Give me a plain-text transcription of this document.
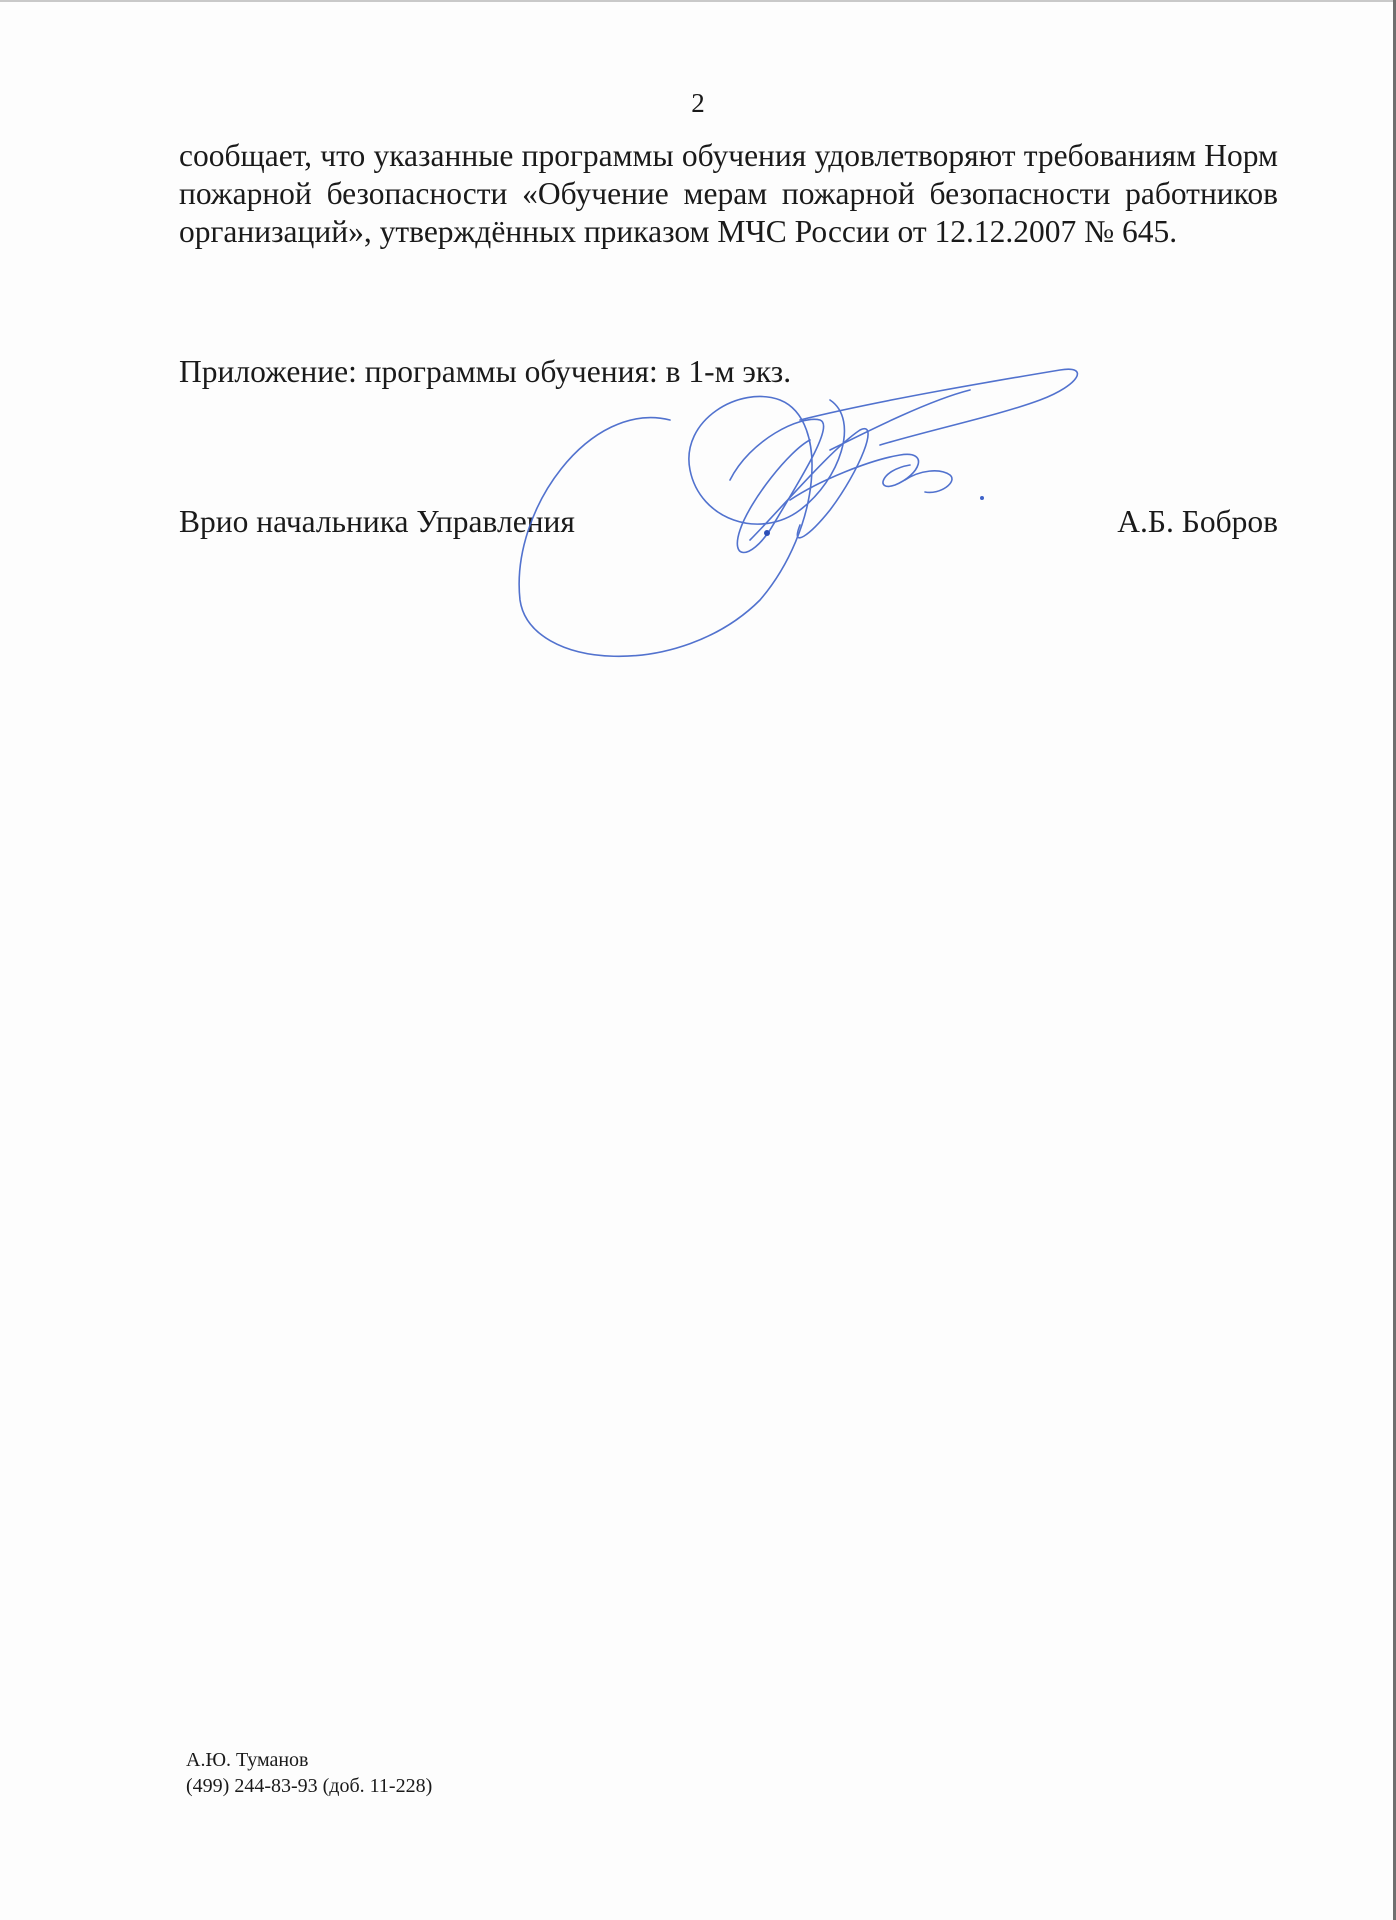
2

сообщает, что указанные программы обучения удовлетворяют требованиям Норм пожарной безопасности «Обучение мерам пожарной безопасности работников организаций», утверждённых приказом МЧС России от 12.12.2007 № 645.

Приложение: программы обучения: в 1-м экз.
Врио начальника Управления	А.Б. Бобров
А.Ю. Туманов
(499) 244-83-93 (доб. 11-228)
